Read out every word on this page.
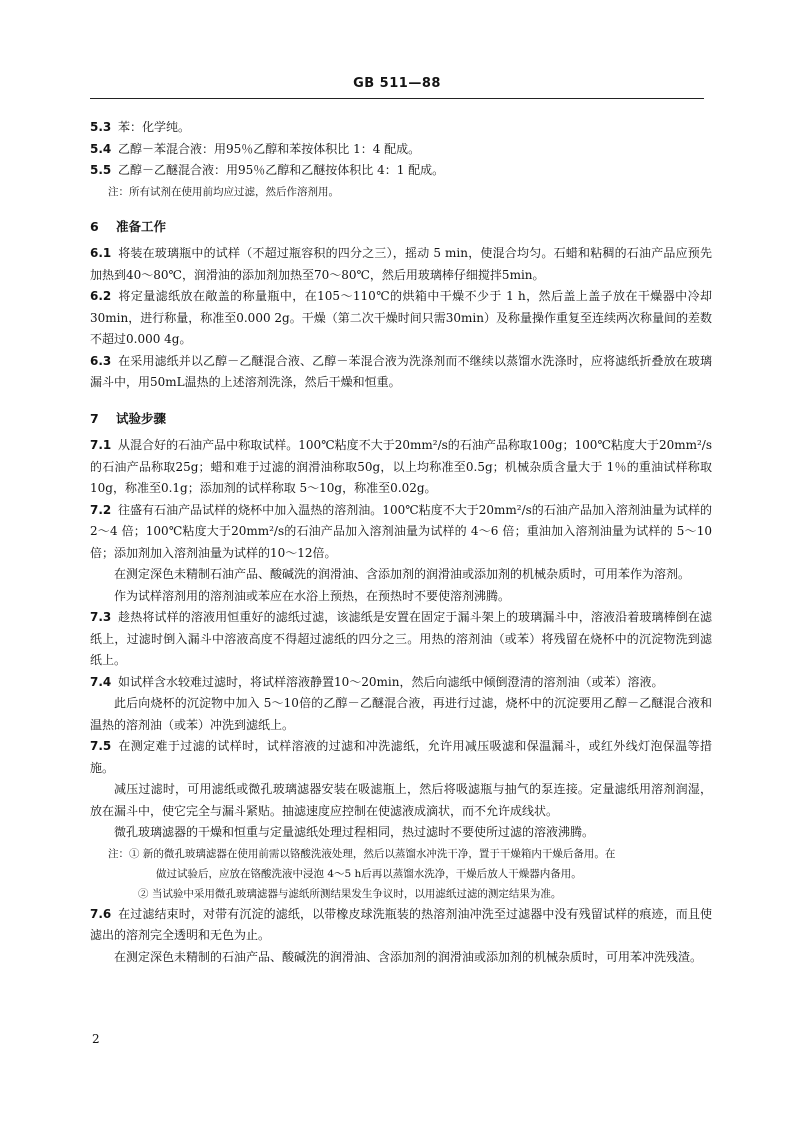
GB 511—88

5.3 苯：化学纯。

5.4 乙醇－苯混合液：用95％乙醇和苯按体积比 1：4 配成。

5.5 乙醇－乙醚混合液：用95％乙醇和乙醚按体积比 4：1 配成。

注：所有试剂在使用前均应过滤，然后作溶剂用。

6 准备工作

6.1 将装在玻璃瓶中的试样（不超过瓶容积的四分之三），摇动 5 min，使混合均匀。石蜡和粘稠的石油产品应预先加热到40～80℃，润滑油的添加剂加热至70～80℃，然后用玻璃棒仔细搅拌5min。

6.2 将定量滤纸放在敞盖的称量瓶中，在105～110℃的烘箱中干燥不少于 1 h，然后盖上盖子放在干燥器中冷却30min，进行称量，称准至0.000 2g。干燥（第二次干燥时间只需30min）及称量操作重复至连续两次称量间的差数不超过0.000 4g。

6.3 在采用滤纸并以乙醇－乙醚混合液、乙醇－苯混合液为洗涤剂而不继续以蒸馏水洗涤时，应将滤纸折叠放在玻璃漏斗中，用50mL温热的上述溶剂洗涤，然后干燥和恒重。

7 试验步骤

7.1 从混合好的石油产品中称取试样。100℃粘度不大于20mm²/s的石油产品称取100g；100℃粘度大于20mm²/s的石油产品称取25g；蜡和难于过滤的润滑油称取50g，以上均称准至0.5g；机械杂质含量大于 1％的重油试样称取10g，称准至0.1g；添加剂的试样称取 5～10g，称准至0.02g。

7.2 往盛有石油产品试样的烧杯中加入温热的溶剂油。100℃粘度不大于20mm²/s的石油产品加入溶剂油量为试样的 2～4 倍；100℃粘度大于20mm²/s的石油产品加入溶剂油量为试样的 4～6 倍；重油加入溶剂油量为试样的 5～10倍；添加剂加入溶剂油量为试样的10～12倍。

在测定深色未精制石油产品、酸碱洗的润滑油、含添加剂的润滑油或添加剂的机械杂质时，可用苯作为溶剂。

作为试样溶剂用的溶剂油或苯应在水浴上预热，在预热时不要使溶剂沸腾。

7.3 趁热将试样的溶液用恒重好的滤纸过滤，该滤纸是安置在固定于漏斗架上的玻璃漏斗中，溶液沿着玻璃棒倒在滤纸上，过滤时倒入漏斗中溶液高度不得超过滤纸的四分之三。用热的溶剂油（或苯）将残留在烧杯中的沉淀物洗到滤纸上。

7.4 如试样含水较难过滤时，将试样溶液静置10～20min，然后向滤纸中倾倒澄清的溶剂油（或苯）溶液。

此后向烧杯的沉淀物中加入 5～10倍的乙醇－乙醚混合液，再进行过滤，烧杯中的沉淀要用乙醇－乙醚混合液和温热的溶剂油（或苯）冲洗到滤纸上。

7.5 在测定难于过滤的试样时，试样溶液的过滤和冲洗滤纸，允许用减压吸滤和保温漏斗，或红外线灯泡保温等措施。

减压过滤时，可用滤纸或微孔玻璃滤器安装在吸滤瓶上，然后将吸滤瓶与抽气的泵连接。定量滤纸用溶剂润湿，放在漏斗中，使它完全与漏斗紧贴。抽滤速度应控制在使滤液成滴状，而不允许成线状。

微孔玻璃滤器的干燥和恒重与定量滤纸处理过程相同，热过滤时不要使所过滤的溶液沸腾。

注：① 新的微孔玻璃滤器在使用前需以铬酸洗液处理，然后以蒸馏水冲洗干净，置于干燥箱内干燥后备用。在

做过试验后，应放在铬酸洗液中浸泡 4～5 h后再以蒸馏水洗净，干燥后放人干燥器内备用。

② 当试验中采用微孔玻璃滤器与滤纸所测结果发生争议时，以用滤纸过滤的测定结果为准。

7.6 在过滤结束时，对带有沉淀的滤纸，以带橡皮球洗瓶装的热溶剂油冲洗至过滤器中没有残留试样的痕迹，而且使滤出的溶剂完全透明和无色为止。

在测定深色未精制的石油产品、酸碱洗的润滑油、含添加剂的润滑油或添加剂的机械杂质时，可用苯冲洗残渣。

2
